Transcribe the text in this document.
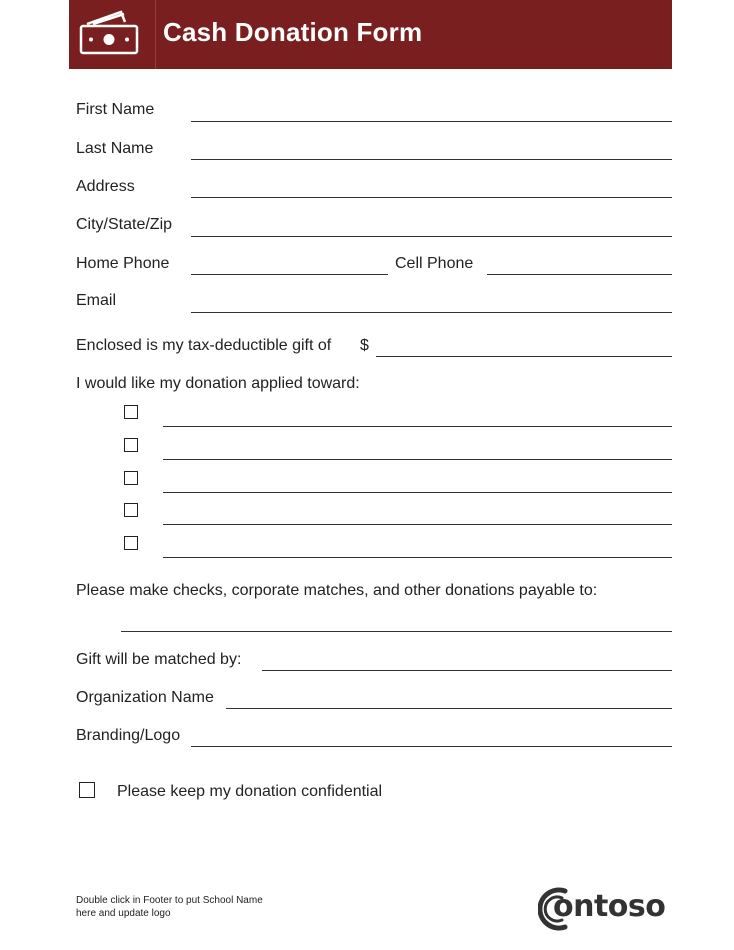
Cash Donation Form
First Name
Last Name
Address
City/State/Zip
Home Phone	Cell Phone
Email
Enclosed is my tax-deductible gift of $
I would like my donation applied toward:
Please make checks, corporate matches, and other donations payable to:
Gift will be matched by:
Organization Name
Branding/Logo
Please keep my donation confidential
Double click in Footer to put School Name
here and update logo	ontoso
